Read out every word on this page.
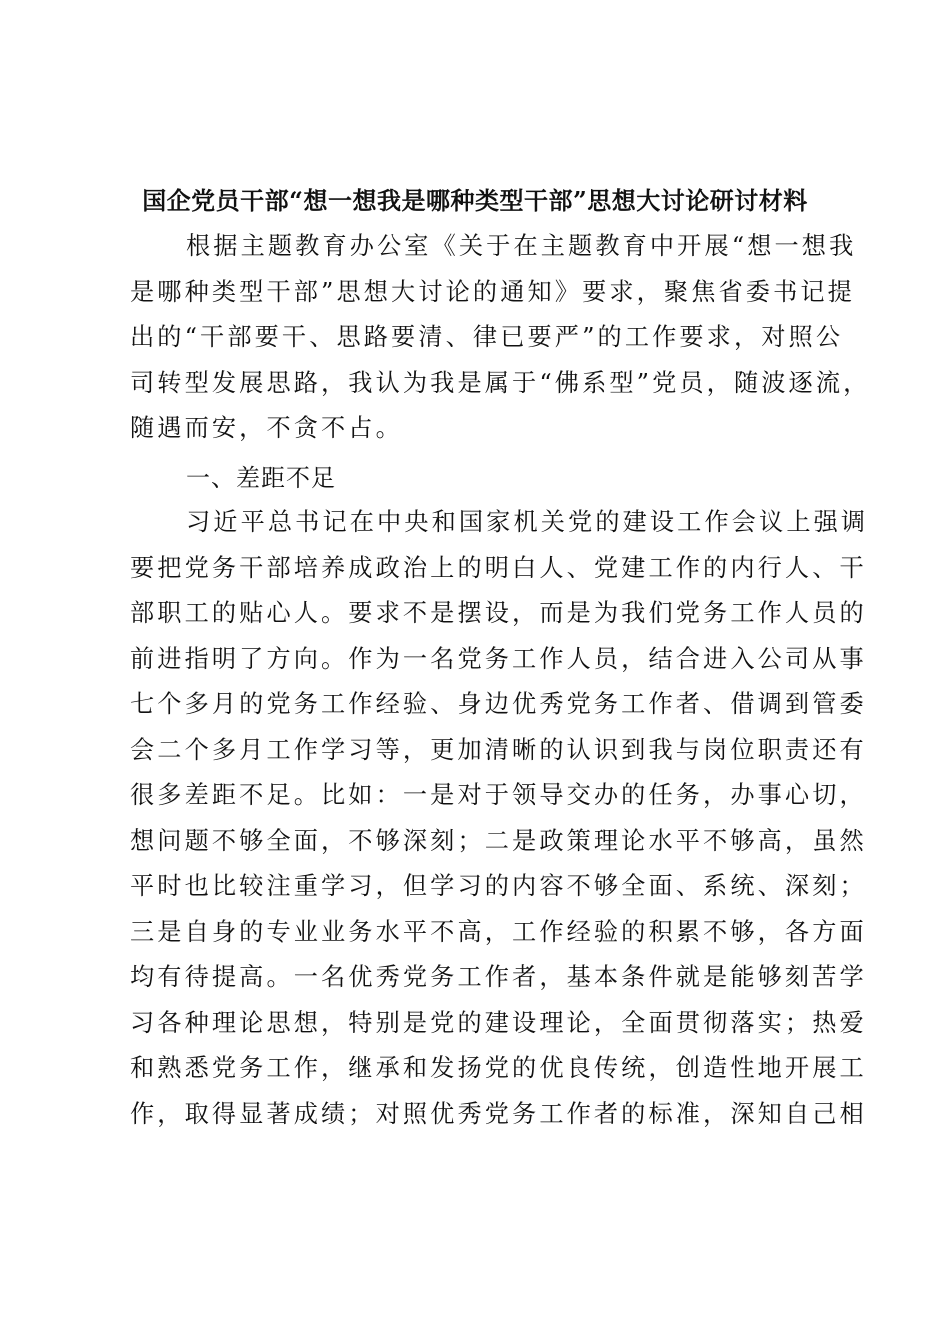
国企党员干部“想一想我是哪种类型干部”思想大讨论研讨材料
根据主题教育办公室《关于在主题教育中开展“想一想我
是哪种类型干部”思想大讨论的通知》要求，聚焦省委书记提
出的“干部要干、思路要清、律已要严”的工作要求，对照公
司转型发展思路，我认为我是属于“佛系型”党员，随波逐流，
随遇而安，不贪不占。
一、差距不足
习近平总书记在中央和国家机关党的建设工作会议上强调
要把党务干部培养成政治上的明白人、党建工作的内行人、干
部职工的贴心人。要求不是摆设，而是为我们党务工作人员的
前进指明了方向。作为一名党务工作人员，结合进入公司从事
七个多月的党务工作经验、身边优秀党务工作者、借调到管委
会二个多月工作学习等，更加清晰的认识到我与岗位职责还有
很多差距不足。比如：一是对于领导交办的任务，办事心切，
想问题不够全面，不够深刻；二是政策理论水平不够高，虽然
平时也比较注重学习，但学习的内容不够全面、系统、深刻；
三是自身的专业业务水平不高，工作经验的积累不够，各方面
均有待提高。一名优秀党务工作者，基本条件就是能够刻苦学
习各种理论思想，特别是党的建设理论，全面贯彻落实；热爱
和熟悉党务工作，继承和发扬党的优良传统，创造性地开展工
作，取得显著成绩；对照优秀党务工作者的标准，深知自己相
